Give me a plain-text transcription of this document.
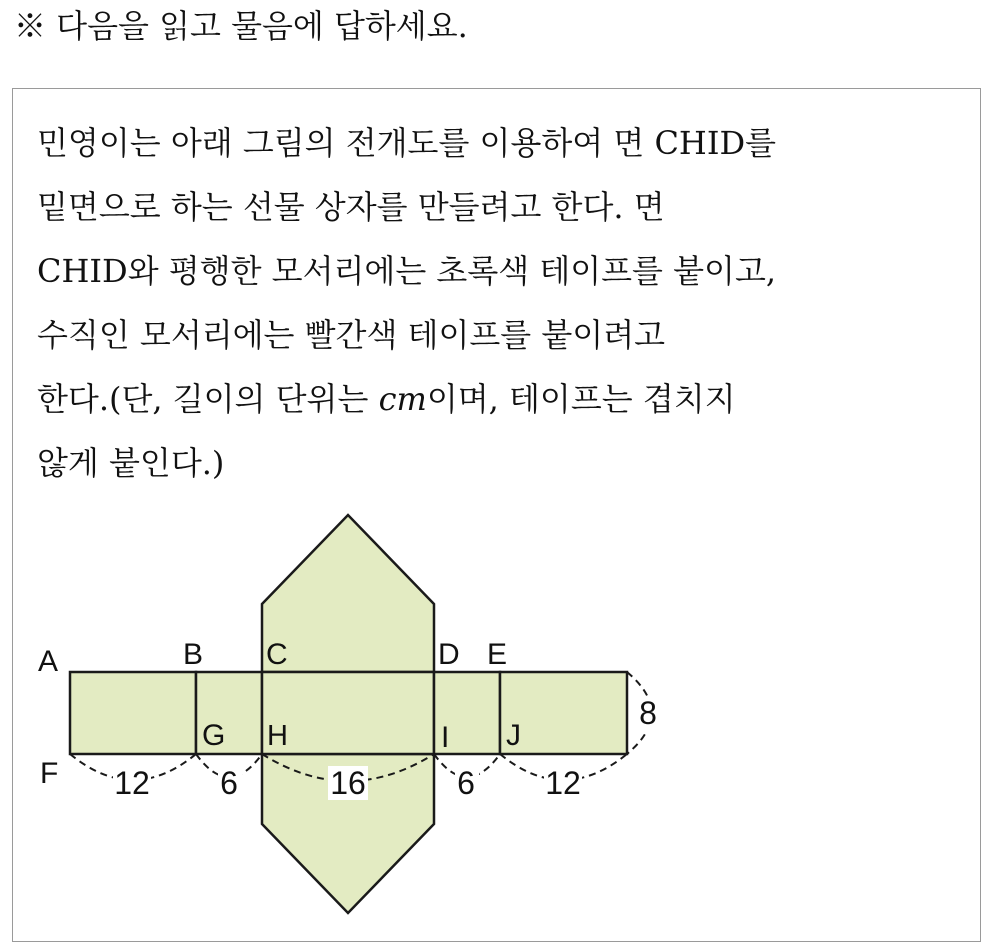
※ 다음을 읽고 물음에 답하세요.
민영이는 아래 그림의 전개도를 이용하여 면 CHID를
밑면으로 하는 선물 상자를 만들려고 한다. 면
CHID와 평행한 모서리에는 초록색 테이프를 붙이고,
수직인 모서리에는 빨간색 테이프를 붙이려고
한다.(단, 길이의 단위는 cm이며, 테이프는 겹치지
않게 붙인다.)
12 6	16	6 12
8
A	B C	D E
F
G H	I J
